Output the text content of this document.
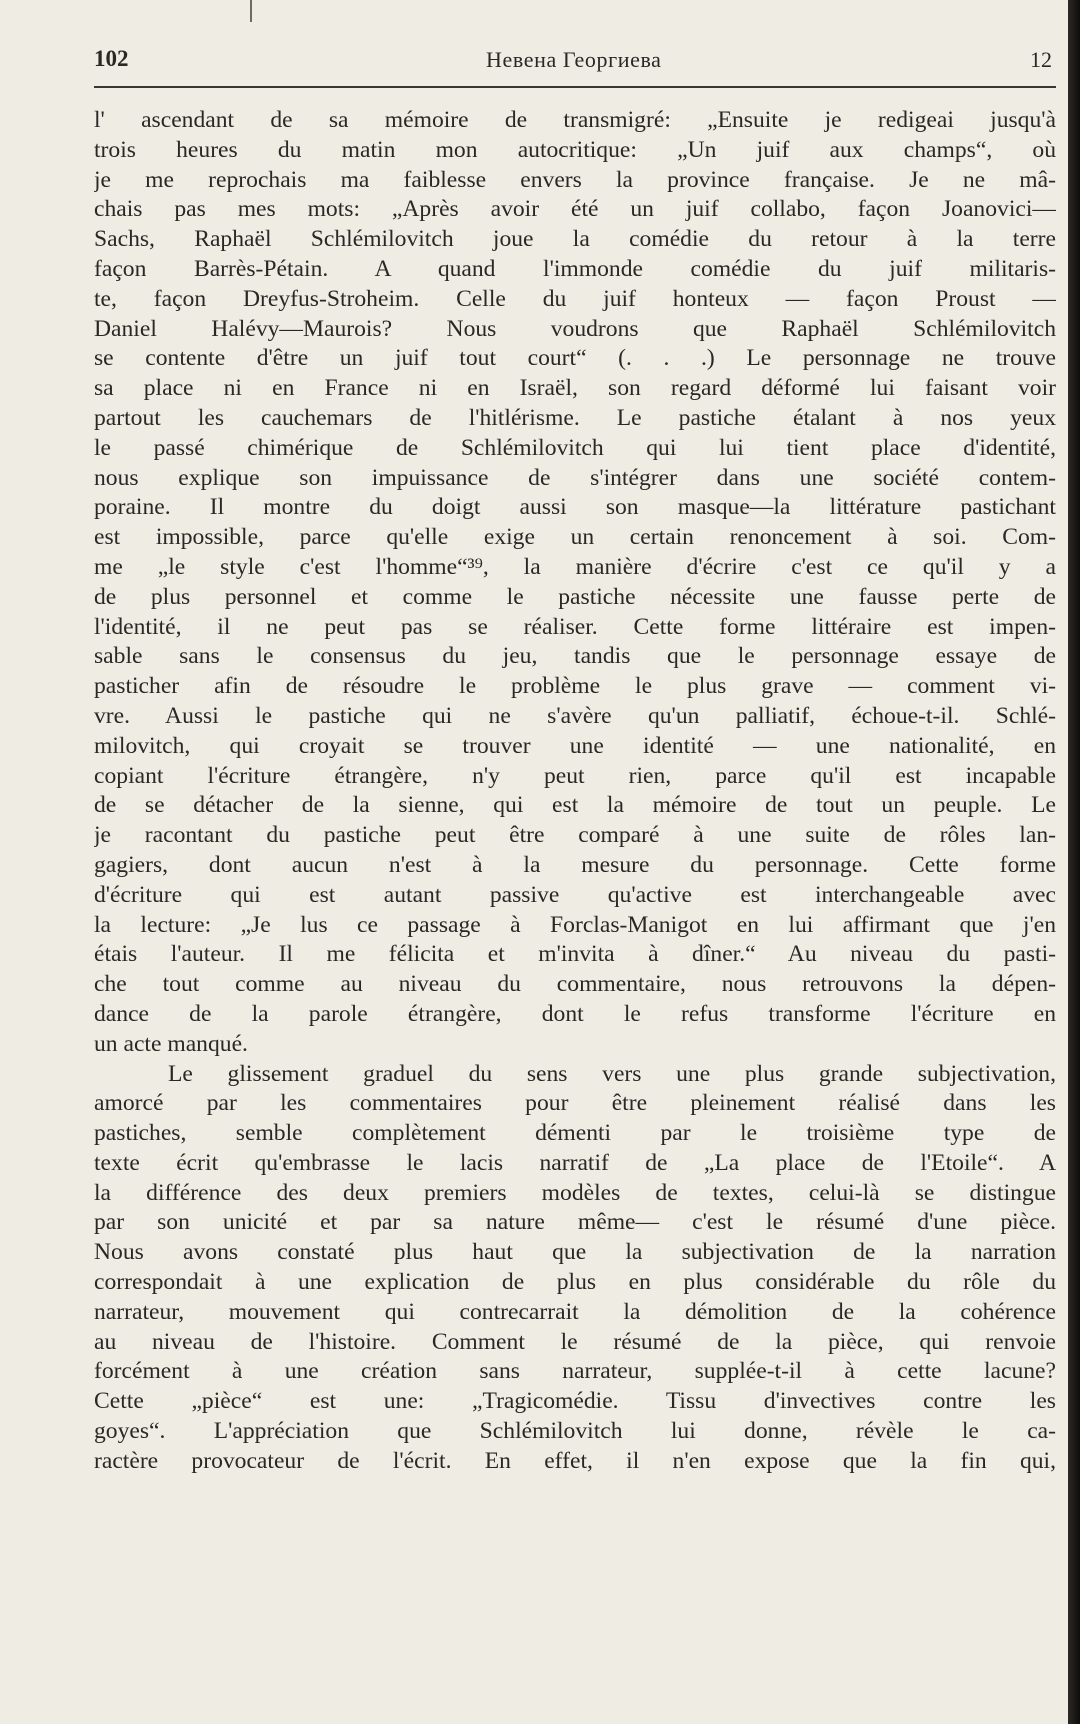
102	Невена Георгиева	12
l' ascendant de sa mémoire de transmigré: „Ensuite je redigeai jusqu'à
trois heures du matin mon autocritique: „Un juif aux champs“, où
je me reprochais ma faiblesse envers la province française. Je ne mâ-
chais pas mes mots: „Après avoir été un juif collabo, façon Joanovici—
Sachs, Raphaël Schlémilovitch joue la comédie du retour à la terre
façon Barrès-Pétain. A quand l'immonde comédie du juif militaris-
te, façon Dreyfus-Stroheim. Celle du juif honteux — façon Proust —
Daniel Halévy—Maurois? Nous voudrons que Raphaël Schlémilovitch
se contente d'être un juif tout court“ (. . .) Le personnage ne trouve
sa place ni en France ni en Israël, son regard déformé lui faisant voir
partout les cauchemars de l'hitlérisme. Le pastiche étalant à nos yeux
le passé chimérique de Schlémilovitch qui lui tient place d'identité,
nous explique son impuissance de s'intégrer dans une société contem-
poraine. Il montre du doigt aussi son masque—la littérature pastichant
est impossible, parce qu'elle exige un certain renoncement à soi. Com-
me „le style c'est l'homme“³⁹, la manière d'écrire c'est ce qu'il y a
de plus personnel et comme le pastiche nécessite une fausse perte de
l'identité, il ne peut pas se réaliser. Cette forme littéraire est impen-
sable sans le consensus du jeu, tandis que le personnage essaye de
pasticher afin de résoudre le problème le plus grave — comment vi-
vre. Aussi le pastiche qui ne s'avère qu'un palliatif, échoue-t-il. Schlé-
milovitch, qui croyait se trouver une identité — une nationalité, en
copiant l'écriture étrangère, n'y peut rien, parce qu'il est incapable
de se détacher de la sienne, qui est la mémoire de tout un peuple. Le
je racontant du pastiche peut être comparé à une suite de rôles lan-
gagiers, dont aucun n'est à la mesure du personnage. Cette forme
d'écriture qui est autant passive qu'active est interchangeable avec
la lecture: „Je lus ce passage à Forclas-Manigot en lui affirmant que j'en
étais l'auteur. Il me félicita et m'invita à dîner.“ Au niveau du pasti-
che tout comme au niveau du commentaire, nous retrouvons la dépen-
dance de la parole étrangère, dont le refus transforme l'écriture en
un acte manqué.
Le glissement graduel du sens vers une plus grande subjectivation,
amorcé par les commentaires pour être pleinement réalisé dans les
pastiches, semble complètement démenti par le troisième type de
texte écrit qu'embrasse le lacis narratif de „La place de l'Etoile“. A
la différence des deux premiers modèles de textes, celui-là se distingue
par son unicité et par sa nature même— c'est le résumé d'une pièce.
Nous avons constaté plus haut que la subjectivation de la narration
correspondait à une explication de plus en plus considérable du rôle du
narrateur, mouvement qui contrecarrait la démolition de la cohérence
au niveau de l'histoire. Comment le résumé de la pièce, qui renvoie
forcément à une création sans narrateur, supplée-t-il à cette lacune?
Cette „pièce“ est une: „Tragicomédie. Tissu d'invectives contre les
goyes“. L'appréciation que Schlémilovitch lui donne, révèle le ca-
ractère provocateur de l'écrit. En effet, il n'en expose que la fin qui,
